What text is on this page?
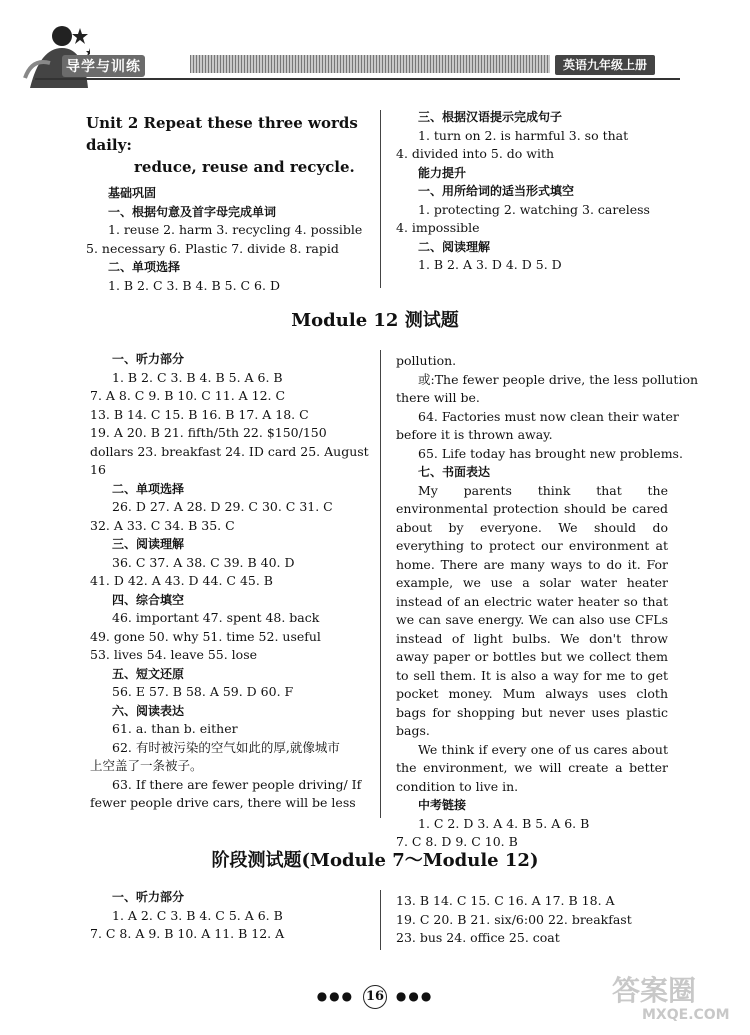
导学与训练	英语九年级上册
Unit 2 Repeat these three words daily:
reduce, reuse and recycle.
基础巩固
一、根据句意及首字母完成单词
1. reuse 2. harm 3. recycling 4. possible
5. necessary 6. Plastic 7. divide 8. rapid
二、单项选择
1. B 2. C 3. B 4. B 5. C 6. D
三、根据汉语提示完成句子
1. turn on 2. is harmful 3. so that
4. divided into 5. do with
能力提升
一、用所给词的适当形式填空
1. protecting 2. watching 3. careless
4. impossible
二、阅读理解
1. B 2. A 3. D 4. D 5. D
Module 12 测试题
一、听力部分
1. B 2. C 3. B 4. B 5. A 6. B
7. A 8. C 9. B 10. C 11. A 12. C
13. B 14. C 15. B 16. B 17. A 18. C
19. A 20. B 21. fifth/5th 22. $150/150
dollars 23. breakfast 24. ID card 25. August
16
二、单项选择
26. D 27. A 28. D 29. C 30. C 31. C
32. A 33. C 34. B 35. C
三、阅读理解
36. C 37. A 38. C 39. B 40. D
41. D 42. A 43. D 44. C 45. B
四、综合填空
46. important 47. spent 48. back
49. gone 50. why 51. time 52. useful
53. lives 54. leave 55. lose
五、短文还原
56. E 57. B 58. A 59. D 60. F
六、阅读表达
61. a. than b. either
62. 有时被污染的空气如此的厚,就像城市
上空盖了一条被子。
63. If there are fewer people driving/ If
fewer people drive cars, there will be less
pollution.
或:The fewer people drive, the less pollution
there will be.
64. Factories must now clean their water
before it is thrown away.
65. Life today has brought new problems.
七、书面表达
My parents think that the environmental protection should be cared about by everyone. We should do everything to protect our environment at home. There are many ways to do it. For example, we use a solar water heater instead of an electric water heater so that we can save energy. We can also use CFLs instead of light bulbs. We don't throw away paper or bottles but we collect them to sell them. It is also a way for me to get pocket money. Mum always uses cloth bags for shopping but never uses plastic bags.
We think if every one of us cares about the environment, we will create a better condition to live in.
中考链接
1. C 2. D 3. A 4. B 5. A 6. B
7. C 8. D 9. C 10. B
阶段测试题(Module 7～Module 12)
一、听力部分
1. A 2. C 3. B 4. C 5. A 6. B
7. C 8. A 9. B 10. A 11. B 12. A
13. B 14. C 15. C 16. A 17. B 18. A
19. C 20. B 21. six/6:00 22. breakfast
23. bus 24. office 25. coat
●●● 16 ●●●	答案圈
MXQE.COM
